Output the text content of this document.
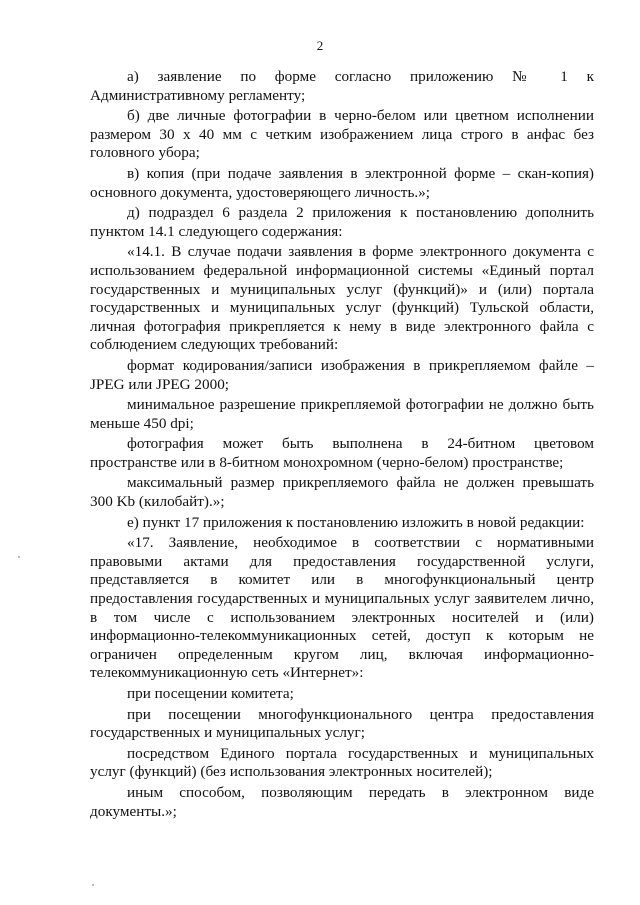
2

а) заявление по форме согласно приложению № 1 к Административному регламенту;

б) две личные фотографии в черно-белом или цветном исполнении размером 30 х 40 мм с четким изображением лица строго в анфас без головного убора;

в) копия (при подаче заявления в электронной форме – скан-копия) основного документа, удостоверяющего личность.»;

д) подраздел 6 раздела 2 приложения к постановлению дополнить пунктом 14.1 следующего содержания:

«14.1. В случае подачи заявления в форме электронного документа с использованием федеральной информационной системы «Единый портал государственных и муниципальных услуг (функций)» и (или) портала государственных и муниципальных услуг (функций) Тульской области, личная фотография прикрепляется к нему в виде электронного файла с соблюдением следующих требований:

формат кодирования/записи изображения в прикрепляемом файле – JPEG или JPEG 2000;

минимальное разрешение прикрепляемой фотографии не должно быть меньше 450 dpi;

фотография может быть выполнена в 24-битном цветовом пространстве или в 8-битном монохромном (черно-белом) пространстве;

максимальный размер прикрепляемого файла не должен превышать 300 Kb (килобайт).»;

е) пункт 17 приложения к постановлению изложить в новой редакции:

«17. Заявление, необходимое в соответствии с нормативными правовыми актами для предоставления государственной услуги, представляется в комитет или в многофункциональный центр предоставления государственных и муниципальных услуг заявителем лично, в том числе с использованием электронных носителей и (или) информационно-телекоммуникационных сетей, доступ к которым не ограничен определенным кругом лиц, включая информационно-телекоммуникационную сеть «Интернет»:

при посещении комитета;

при посещении многофункционального центра предоставления государственных и муниципальных услуг;

посредством Единого портала государственных и муниципальных услуг (функций) (без использования электронных носителей);

иным способом, позволяющим передать в электронном виде документы.»;
